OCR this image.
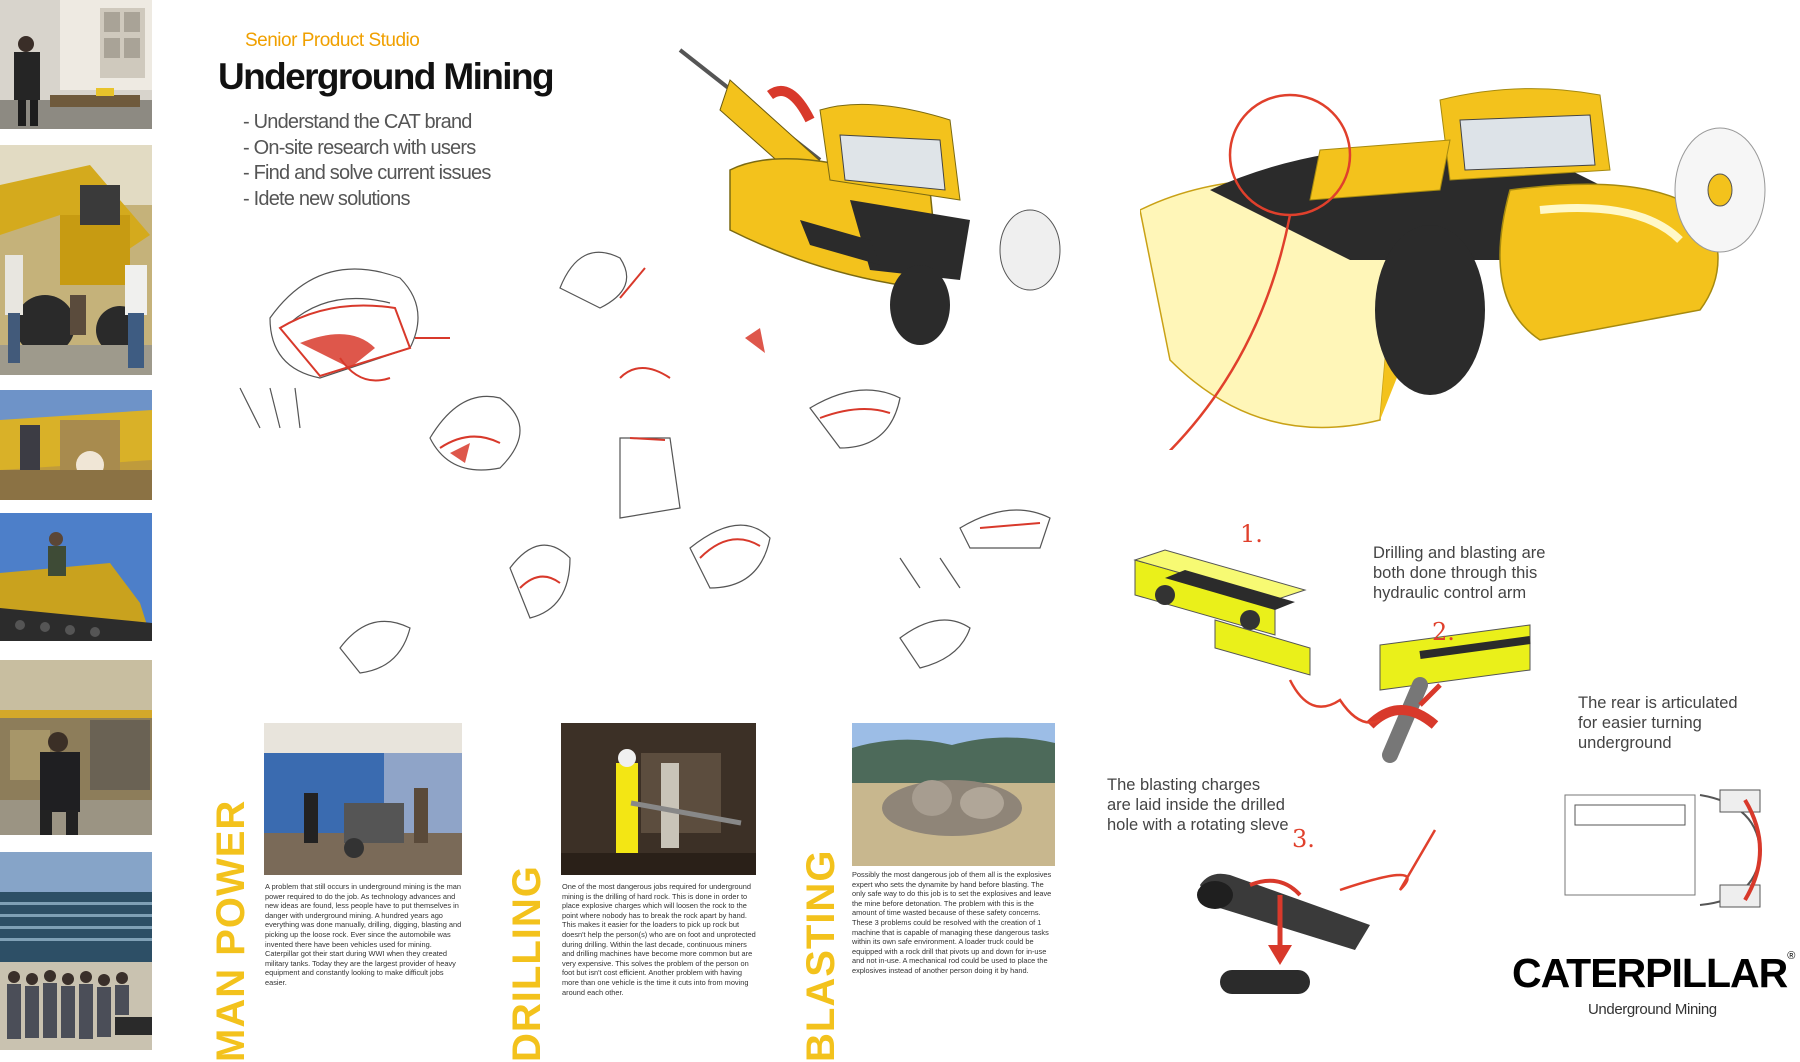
Senior Product Studio
Underground Mining
- Understand the CAT brand
- On-site research with users
- Find and solve current issues
- Idete new solutions
1.
2.
3.
Drilling and blasting are
both done through this
hydraulic control arm
The rear is articulated
for easier turning
underground
The blasting charges
are laid inside the drilled
hole with a rotating sleve
MAN POWER	DRILLING	BLASTING
A problem that still occurs in underground mining is the man power required to do the job. As technology advances and new ideas are found, less people have to put themselves in danger with underground mining. A hundred years ago everything was done manually, drilling, digging, blasting and picking up the loose rock. Ever since the automobile was invented there have been vehicles used for mining. Caterpillar got their start during WWI when they created military tanks. Today they are the largest provider of heavy equipment and constantly looking to make difficult jobs easier.
One of the most dangerous jobs required for underground mining is the drilling of hard rock. This is done in order to place explosive charges which will loosen the rock to the point where nobody has to break the rock apart by hand. This makes it easier for the loaders to pick up rock but doesn't help the person(s) who are on foot and unprotected during drilling. Within the last decade, continuous miners and drilling machines have become more common but are very expensive. This solves the problem of the person on foot but isn't cost efficient. Another problem with having more than one vehicle is the time it cuts into from moving around each other.
Possibly the most dangerous job of them all is the explosives expert who sets the dynamite by hand before blasting. The only safe way to do this job is to set the explosives and leave the mine before detonation. The problem with this is the amount of time wasted because of these safety concerns. These 3 problems could be resolved with the creation of 1 machine that is capable of managing these dangerous tasks within its own safe environment. A loader truck could be equipped with a rock drill that pivots up and down for in-use and not in-use. A mechanical rod could be used to place the explosives instead of another person doing it by hand.	CATERPILLAR®
Underground Mining
